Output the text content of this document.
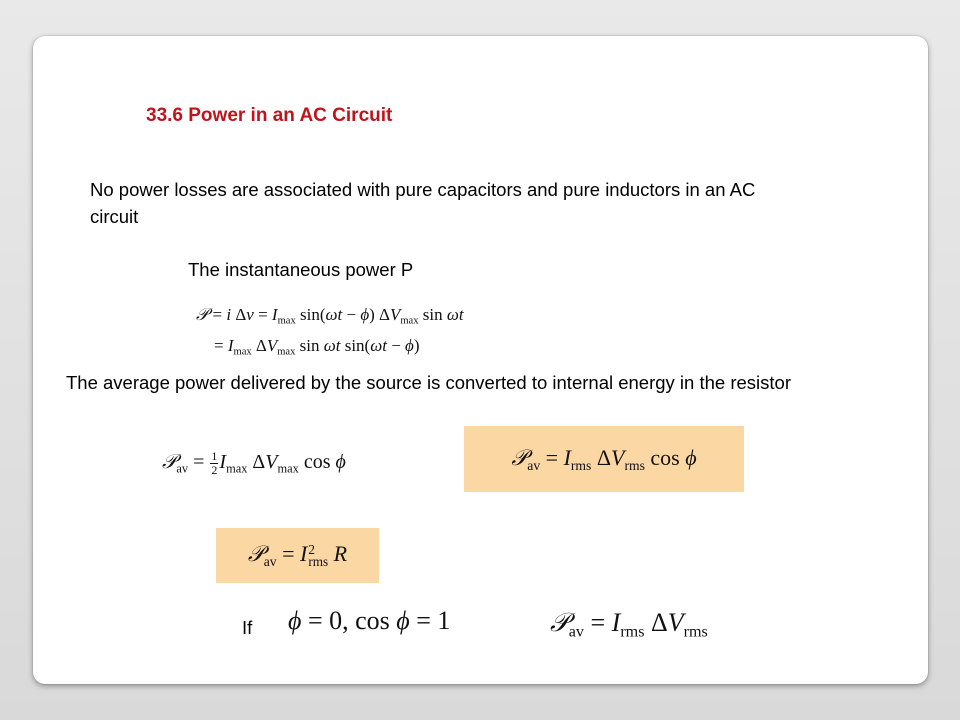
33.6 Power in an AC Circuit
No power losses are associated with pure capacitors and pure inductors in an AC circuit
The instantaneous power P
𝒫 = i $\Delta v = I_{max}$ sin(ωt − ϕ) $\Delta V_{max}$ sin ωt
= $I_{max}$ $\Delta V_{max}$ sin ωt sin(ωt − ϕ)
The average power delivered by the source is converted to internal energy in the resistor
𝒫$_{av}$ = $\frac{1}{2} I_{max}$ $\Delta V_{max}$ cos ϕ	𝒫$_{av}$ = $I_{rms}$ $\Delta V_{rms}$ cos ϕ
𝒫$_{av}$ = I 2
rms R
If ϕ = 0, cos ϕ = 1	𝒫$_{av}$ = $I_{rms}$ $\Delta V_{rms}$
